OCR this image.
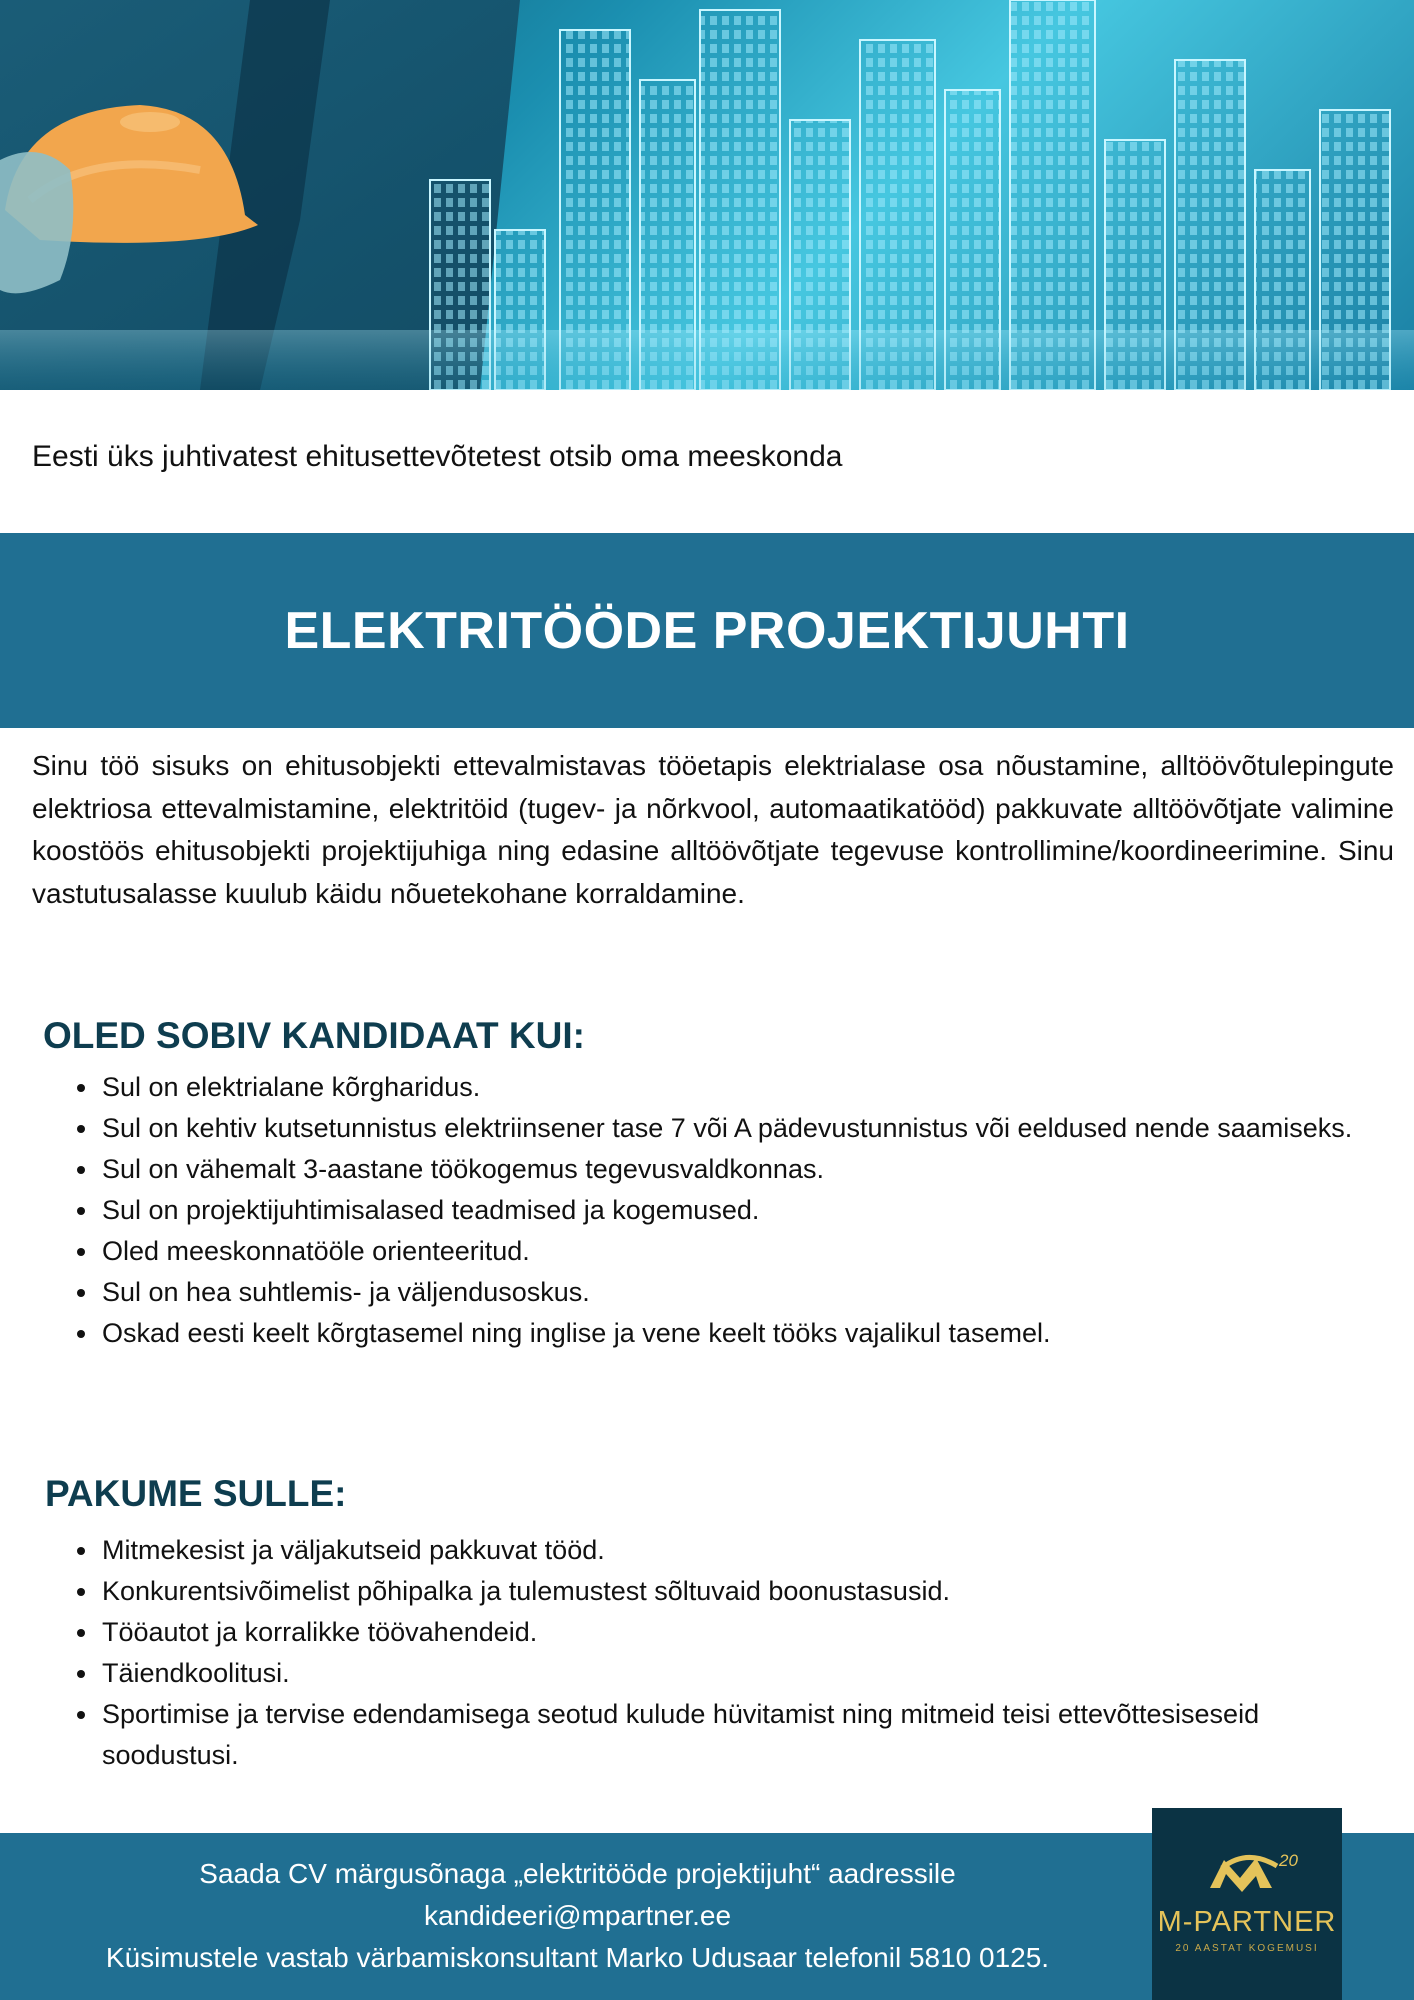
Eesti üks juhtivatest ehitusettevõtetest otsib oma meeskonda
ELEKTRITÖÖDE PROJEKTIJUHTI

Sinu töö sisuks on ehitusobjekti ettevalmistavas tööetapis elektrialase osa nõustamine, alltöövõtulepingute elektriosa ettevalmistamine, elektritöid (tugev- ja nõrkvool, automaatikatööd) pakkuvate alltöövõtjate valimine koostöös ehitusobjekti projektijuhiga ning edasine alltöövõtjate tegevuse kontrollimine/koordineerimine. Sinu vastutusalasse kuulub käidu nõuetekohane korraldamine.

OLED SOBIV KANDIDAAT KUI:
• Sul on elektrialane kõrgharidus.
• Sul on kehtiv kutsetunnistus elektriinsener tase 7 või A pädevustunnistus või eeldused nende saamiseks.
• Sul on vähemalt 3-aastane töökogemus tegevusvaldkonnas.
• Sul on projektijuhtimisalased teadmised ja kogemused.
• Oled meeskonnatööle orienteeritud.
• Sul on hea suhtlemis- ja väljendusoskus.
• Oskad eesti keelt kõrgtasemel ning inglise ja vene keelt tööks vajalikul tasemel.
PAKUME SULLE:
• Mitmekesist ja väljakutseid pakkuvat tööd.
• Konkurentsivõimelist põhipalka ja tulemustest sõltuvaid boonustasusid.
• Tööautot ja korralikke töövahendeid.
• Täiendkoolitusi.
• Sportimise ja tervise edendamisega seotud kulude hüvitamist ning mitmeid teisi ettevõttesiseseid soodustusi.
Saada CV märgusõnaga „elektritööde projektijuht“ aadressile
kandideeri@mpartner.ee
Küsimustele vastab värbamiskonsultant Marko Udusaar telefonil 5810 0125.
20
M-PARTNER
20 AASTAT KOGEMUSI
